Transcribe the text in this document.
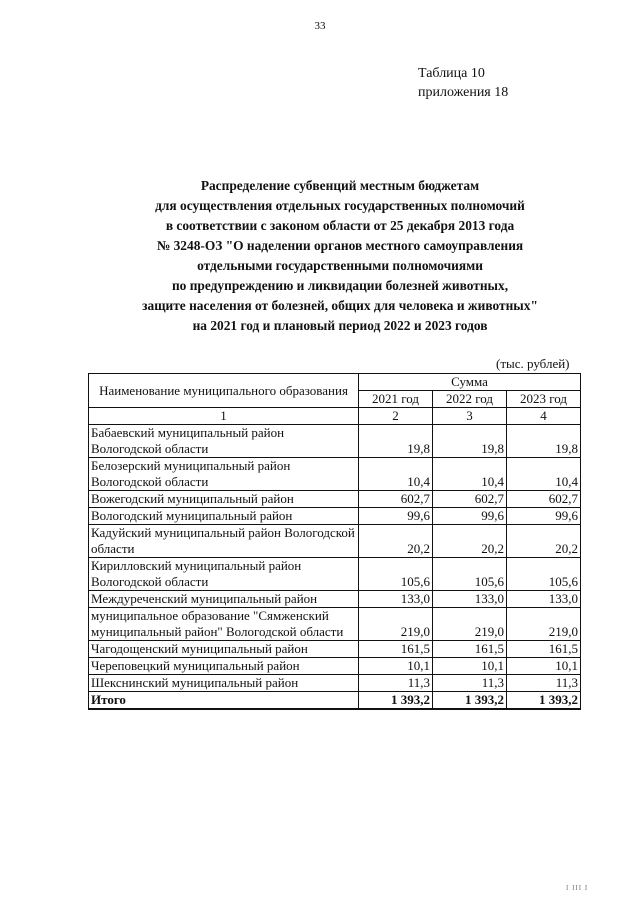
33
Таблица 10
приложения 18
Распределение субвенций местным бюджетам
для осуществления отдельных государственных полномочий
в соответствии с законом области от 25 декабря 2013 года
№ 3248-ОЗ "О наделении органов местного самоуправления
отдельными государственными полномочиями
по предупреждению и ликвидации болезней животных,
защите населения от болезней, общих для человека и животных"
на 2021 год и плановый период 2022 и 2023 годов
(тыс. рублей)
Наименование муниципального образования	Сумма		
	2021 год	2022 год	2023 год
1	2	3	4
Бабаевский муниципальный район Вологодской области	19,8	19,8	19,8
Белозерский муниципальный район Вологодской области	10,4	10,4	10,4
Вожегодский муниципальный район	602,7	602,7	602,7
Вологодский муниципальный район	99,6	99,6	99,6
Кадуйский муниципальный район Вологодской области	20,2	20,2	20,2
Кирилловский муниципальный район Вологодской области	105,6	105,6	105,6
Междуреченский муниципальный район	133,0	133,0	133,0
муниципальное образование "Сямженский муниципальный район" Вологодской области	219,0	219,0	219,0
Чагодощенский муниципальный район	161,5	161,5	161,5
Череповецкий муниципальный район	10,1	10,1	10,1
Шекснинский муниципальный район	11,3	11,3	11,3
Итого	1 393,2	1 393,2	1 393,2
I III I
